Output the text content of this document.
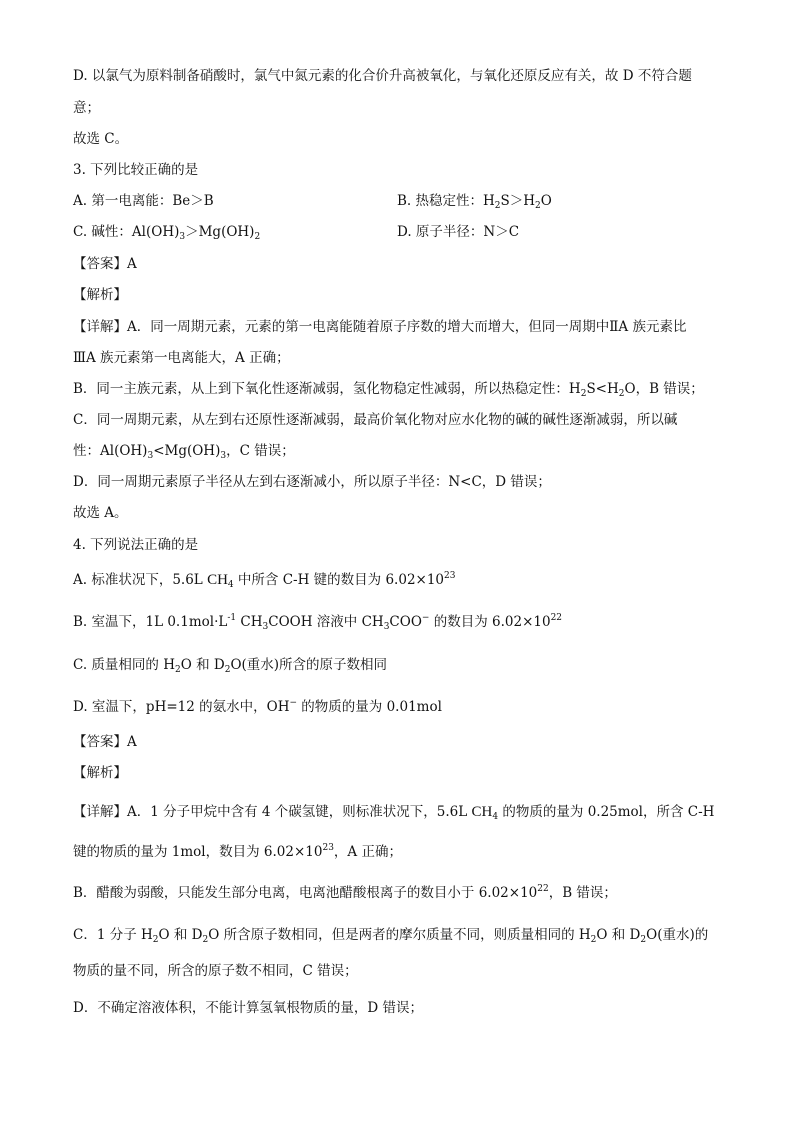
D. 以氯气为原料制备硝酸时，氯气中氮元素的化合价升高被氧化，与氧化还原反应有关，故 D 不符合题
意；
故选 C。
3. 下列比较正确的是
A. 第一电离能：Be＞B	B. 热稳定性：$H_2S>H_2O$
C. 碱性：$Al(OH)_3>Mg(OH)_2$	D. 原子半径：N＞C
【答案】A
【解析】
【详解】A．同一周期元素，元素的第一电离能随着原子序数的增大而增大，但同一周期中ⅡA 族元素比
ⅢA 族元素第一电离能大，A 正确；
B．同一主族元素，从上到下氧化性逐渐减弱，氢化物稳定性减弱，所以热稳定性：$H_2S<H_2O$，B 错误；
C．同一周期元素，从左到右还原性逐渐减弱，最高价氧化物对应水化物的碱的碱性逐渐减弱，所以碱
性：$Al(OH)_3<Mg(OH)_3$，C 错误；
D．同一周期元素原子半径从左到右逐渐减小，所以原子半径：N<C，D 错误；
故选 A。
4. 下列说法正确的是
A. 标准状况下，5.6L $CH_4$ 中所含 C-H 键的数目为 $6.02\times 10^{23}$
B. 室温下，1L $0.1mol\cdot L^{-1}$ $CH_3COOH$ 溶液中 $CH_3COO^-$ 的数目为 $6.02\times 10^{22}$
C. 质量相同的 $H_2O$ 和 $D_2O$(重水)所含的原子数相同
D. 室温下，pH=12 的氨水中，OH− 的物质的量为 0.01mol
【答案】A
【解析】
【详解】A．1 分子甲烷中含有 4 个碳氢键，则标准状况下，5.6L $CH_4$ 的物质的量为 0.25mol，所含 C-H
键的物质的量为 1mol，数目为 $6.02\times 10^{23}$，A 正确；
B．醋酸为弱酸，只能发生部分电离，电离池醋酸根离子的数目小于 $6.02\times 10^{22}$，B 错误；
C．1 分子 $H_2O$ 和 $D_2O$ 所含原子数相同，但是两者的摩尔质量不同，则质量相同的 $H_2O$ 和 $D_2O$(重水)的
物质的量不同，所含的原子数不相同，C 错误；
D．不确定溶液体积，不能计算氢氧根物质的量，D 错误；
